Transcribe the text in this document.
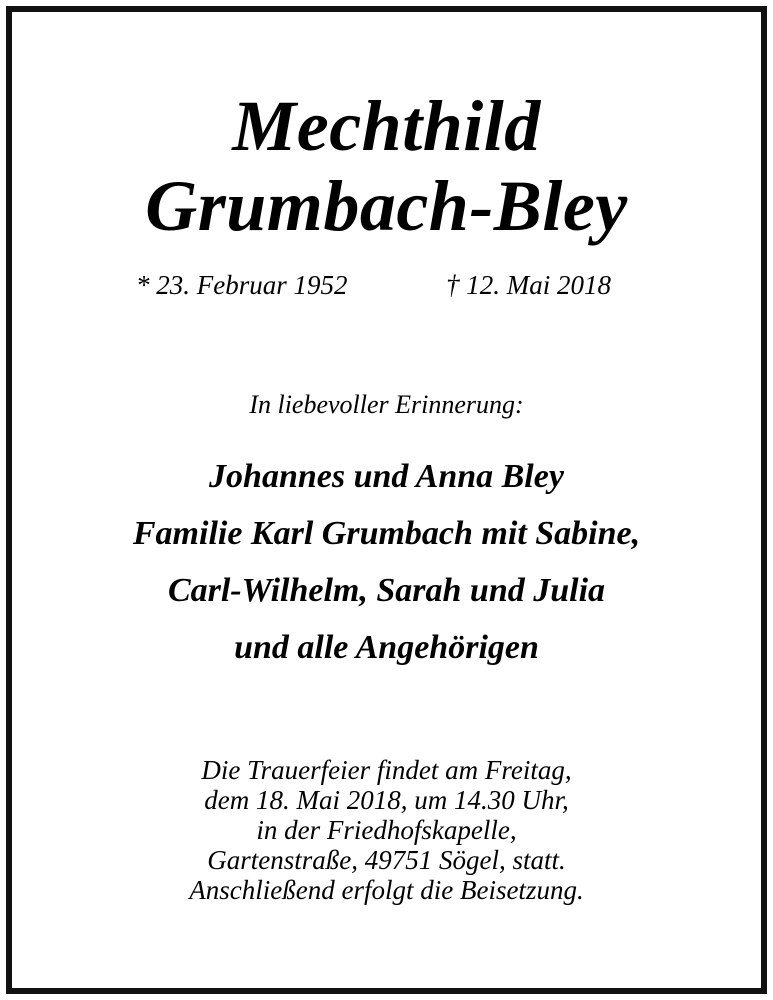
Mechthild
Grumbach-Bley
* 23. Februar 1952	† 12. Mai 2018
In liebevoller Erinnerung:
Johannes und Anna Bley
Familie Karl Grumbach mit Sabine,
Carl-Wilhelm, Sarah und Julia
und alle Angehörigen
Die Trauerfeier findet am Freitag,
dem 18. Mai 2018, um 14.30 Uhr,
in der Friedhofskapelle,
Gartenstraße, 49751 Sögel, statt.
Anschließend erfolgt die Beisetzung.
